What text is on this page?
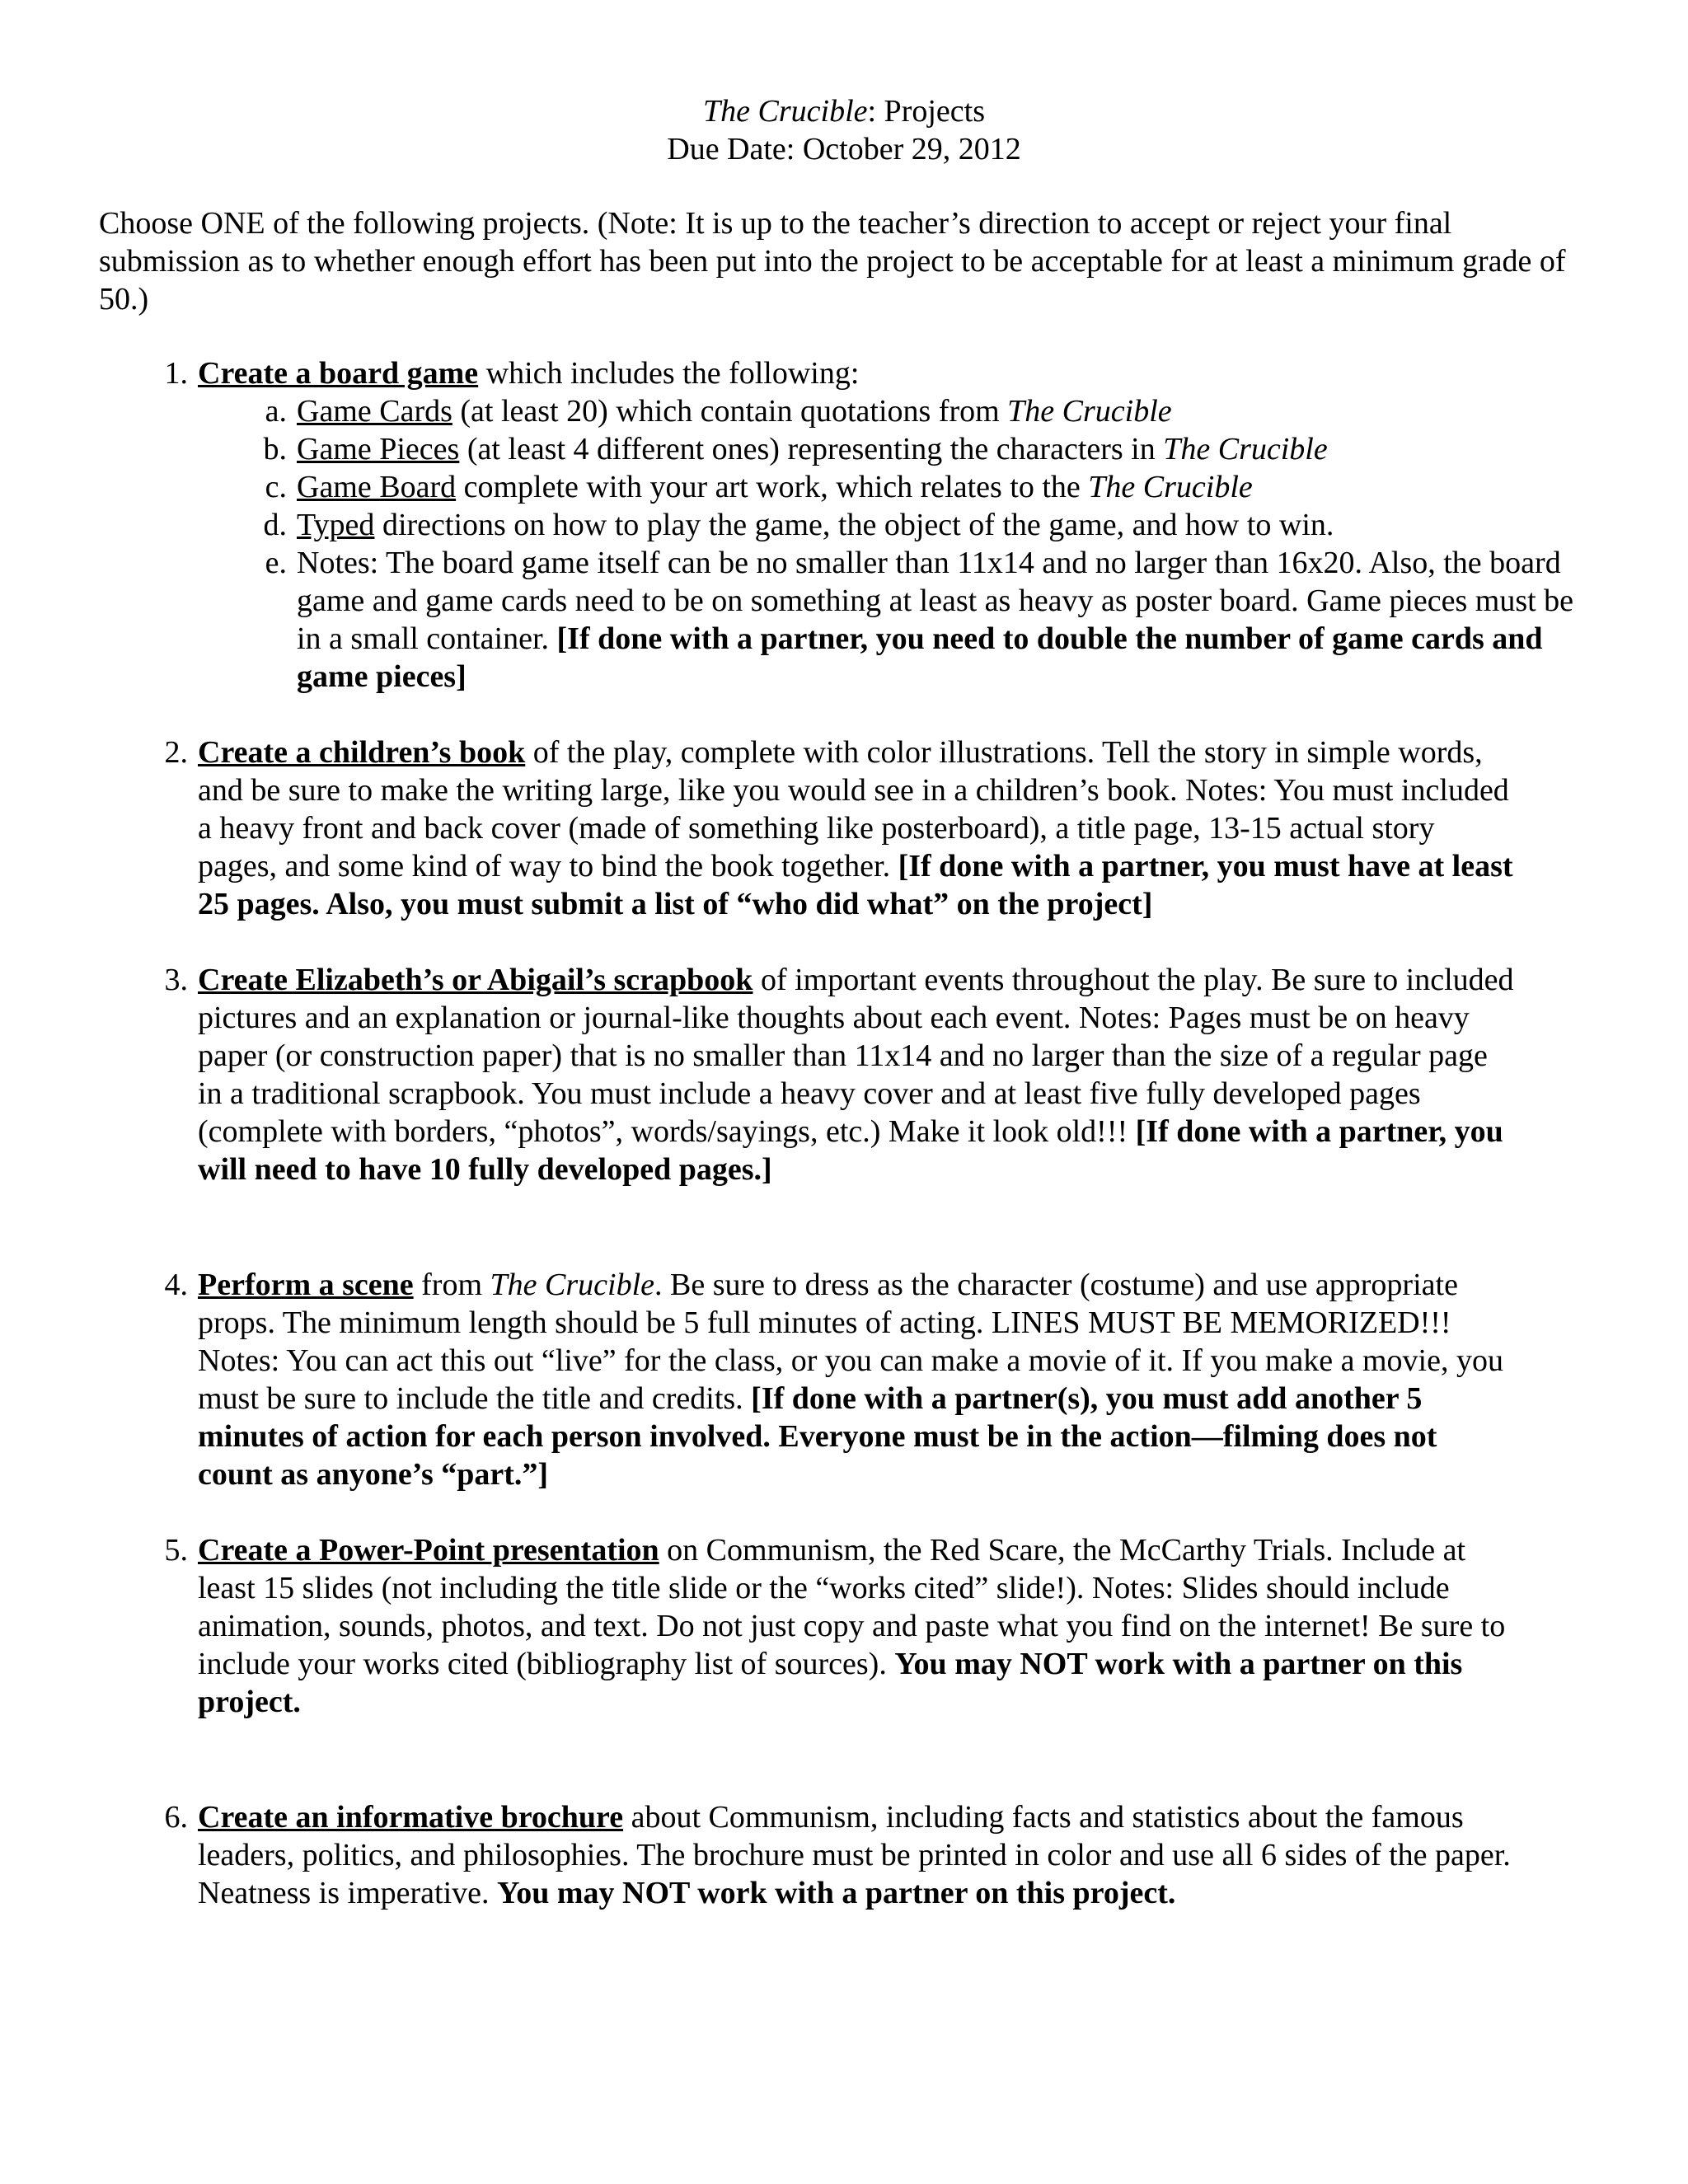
The Crucible: Projects
Due Date: October 29, 2012
Choose ONE of the following projects. (Note: It is up to the teacher’s direction to accept or reject your final submission as to whether enough effort has been put into the project to be acceptable for at least a minimum grade of 50.)
1. Create a board game which includes the following:
a. Game Cards (at least 20) which contain quotations from The Crucible
b. Game Pieces (at least 4 different ones) representing the characters in The Crucible
c. Game Board complete with your art work, which relates to the The Crucible
d. Typed directions on how to play the game, the object of the game, and how to win.
e. Notes: The board game itself can be no smaller than 11x14 and no larger than 16x20. Also, the board game and game cards need to be on something at least as heavy as poster board. Game pieces must be in a small container. [If done with a partner, you need to double the number of game cards and game pieces]
2. Create a children’s book of the play, complete with color illustrations. Tell the story in simple words, and be sure to make the writing large, like you would see in a children’s book. Notes: You must included a heavy front and back cover (made of something like posterboard), a title page, 13-15 actual story pages, and some kind of way to bind the book together. [If done with a partner, you must have at least 25 pages. Also, you must submit a list of “who did what” on the project]
3. Create Elizabeth’s or Abigail’s scrapbook of important events throughout the play. Be sure to included pictures and an explanation or journal-like thoughts about each event. Notes: Pages must be on heavy paper (or construction paper) that is no smaller than 11x14 and no larger than the size of a regular page in a traditional scrapbook. You must include a heavy cover and at least five fully developed pages (complete with borders, “photos”, words/sayings, etc.) Make it look old!!! [If done with a partner, you will need to have 10 fully developed pages.]
4. Perform a scene from The Crucible. Be sure to dress as the character (costume) and use appropriate props. The minimum length should be 5 full minutes of acting. LINES MUST BE MEMORIZED!!! Notes: You can act this out “live” for the class, or you can make a movie of it. If you make a movie, you must be sure to include the title and credits. [If done with a partner(s), you must add another 5 minutes of action for each person involved. Everyone must be in the action—filming does not count as anyone’s “part.”]
5. Create a Power-Point presentation on Communism, the Red Scare, the McCarthy Trials. Include at least 15 slides (not including the title slide or the “works cited” slide!). Notes: Slides should include animation, sounds, photos, and text. Do not just copy and paste what you find on the internet! Be sure to include your works cited (bibliography list of sources). You may NOT work with a partner on this project.
6. Create an informative brochure about Communism, including facts and statistics about the famous leaders, politics, and philosophies. The brochure must be printed in color and use all 6 sides of the paper. Neatness is imperative. You may NOT work with a partner on this project.
